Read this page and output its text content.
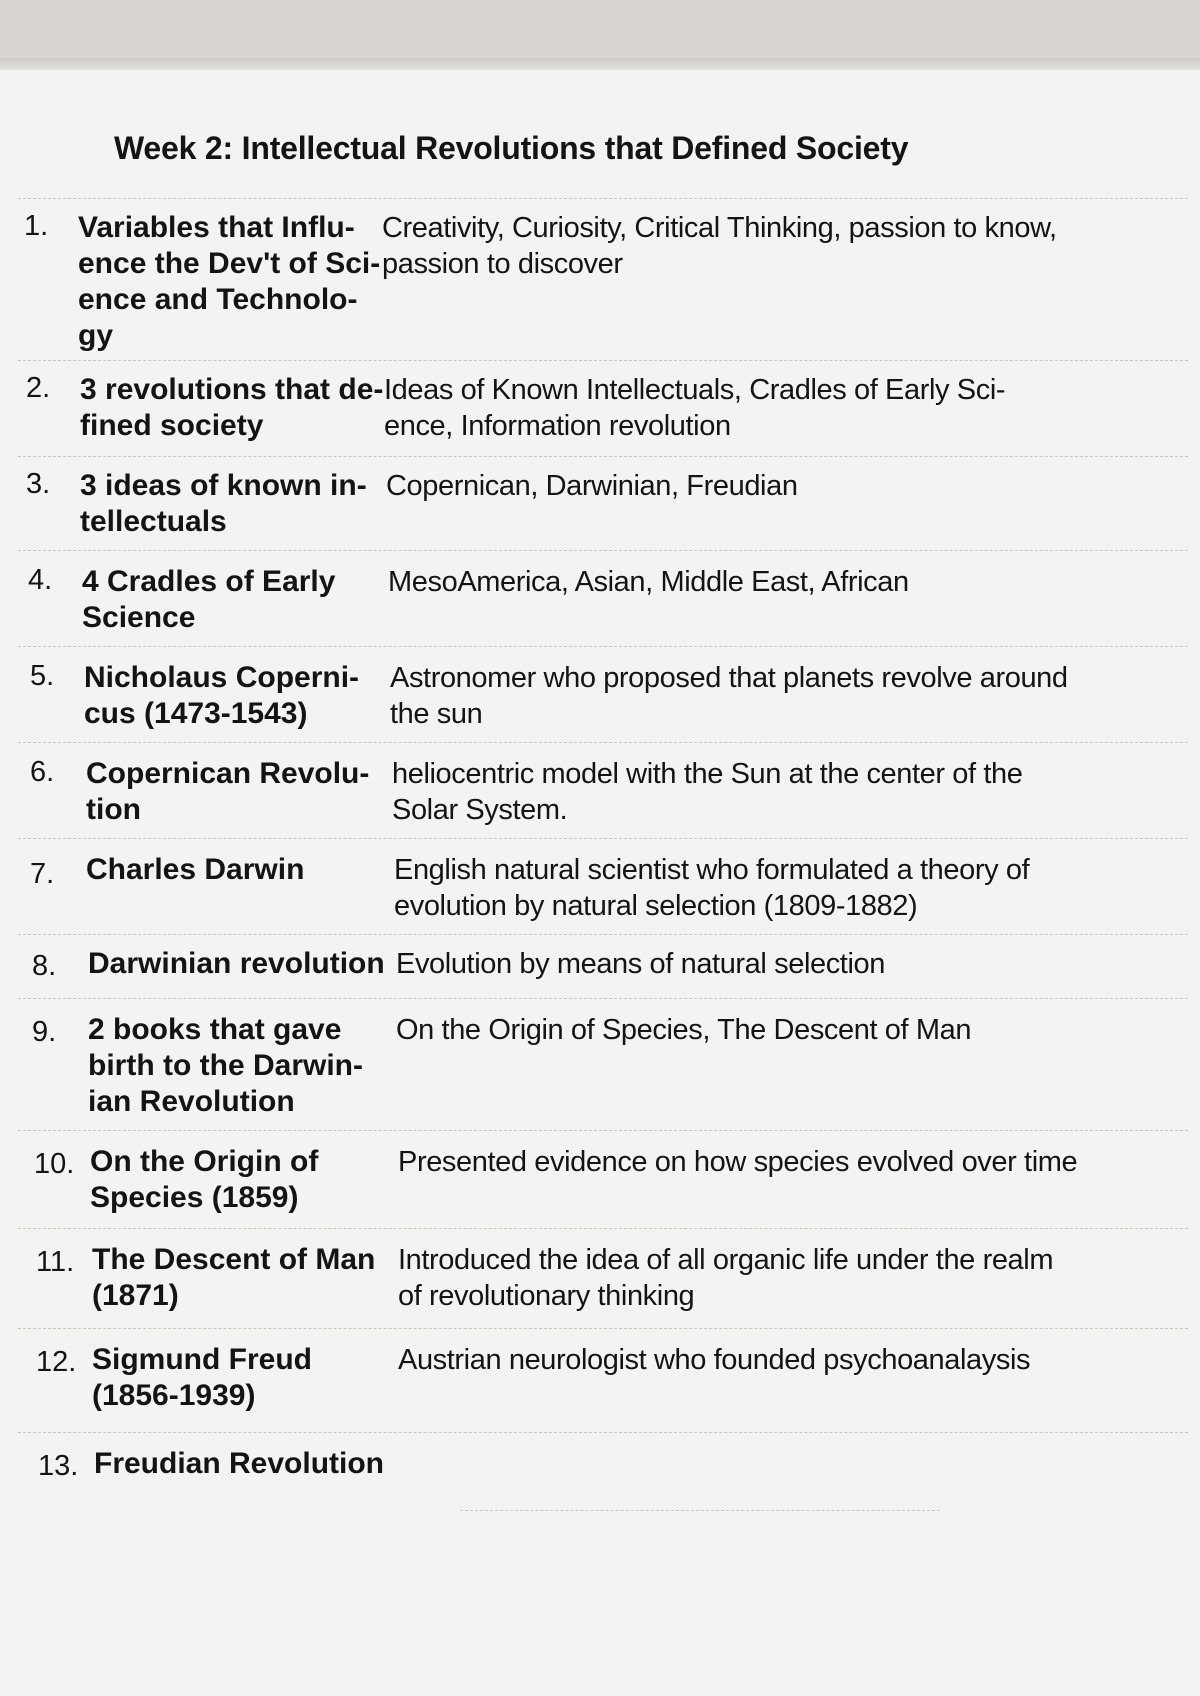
Week 2: Intellectual Revolutions that Defined Society
1. Variables that Influ-
ence the Dev't of Sci-
ence and Technolo-
gy
Creativity, Curiosity, Critical Thinking, passion to know,
passion to discover
2. 3 revolutions that de-
fined society
Ideas of Known Intellectuals, Cradles of Early Sci-
ence, Information revolution
3. 3 ideas of known in-
tellectuals
Copernican, Darwinian, Freudian
4. 4 Cradles of Early
Science
MesoAmerica, Asian, Middle East, African
5. Nicholaus Coperni-
cus (1473-1543)
Astronomer who proposed that planets revolve around
the sun
6. Copernican Revolu-
tion
heliocentric model with the Sun at the center of the
Solar System.
7. Charles Darwin	English natural scientist who formulated a theory of
evolution by natural selection (1809-1882)
8. Darwinian revolution Evolution by means of natural selection
9. 2 books that gave
birth to the Darwin-
ian Revolution
On the Origin of Species, The Descent of Man
10. On the Origin of
Species (1859)
Presented evidence on how species evolved over time
11. The Descent of Man
(1871)
Introduced the idea of all organic life under the realm
of revolutionary thinking
12. Sigmund Freud
(1856-1939)
Austrian neurologist who founded psychoanalaysis
13. Freudian Revolution
